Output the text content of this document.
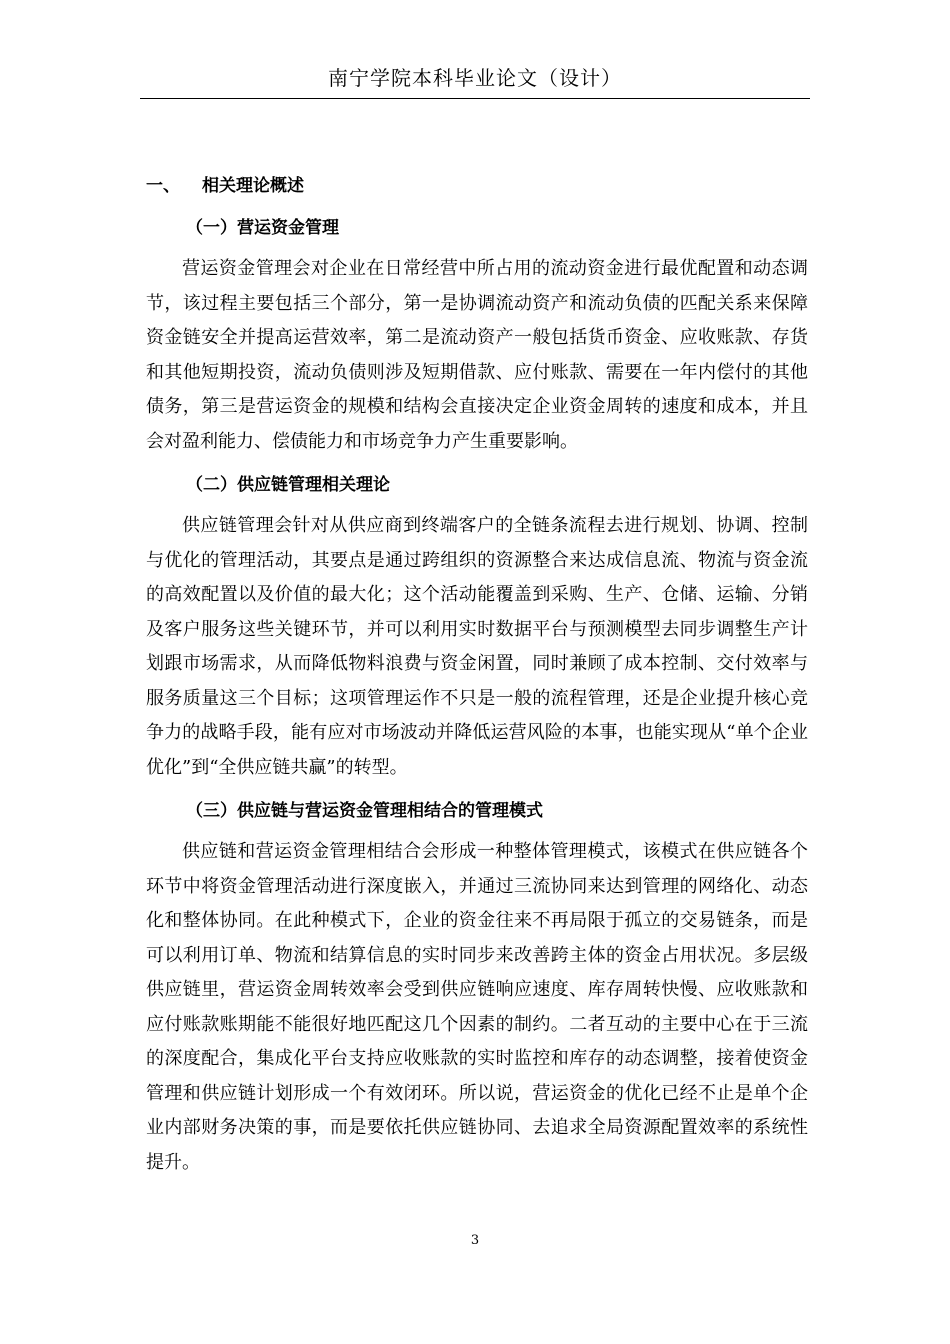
南宁学院本科毕业论文（设计）
一、 相关理论概述
（一）营运资金管理

营运资金管理会对企业在日常经营中所占用的流动资金进行最优配置和动态调节，该过程主要包括三个部分，第一是协调流动资产和流动负债的匹配关系来保障资金链安全并提高运营效率，第二是流动资产一般包括货币资金、应收账款、存货和其他短期投资，流动负债则涉及短期借款、应付账款、需要在一年内偿付的其他债务，第三是营运资金的规模和结构会直接决定企业资金周转的速度和成本，并且会对盈利能力、偿债能力和市场竞争力产生重要影响。

（二）供应链管理相关理论

供应链管理会针对从供应商到终端客户的全链条流程去进行规划、协调、控制与优化的管理活动，其要点是通过跨组织的资源整合来达成信息流、物流与资金流的高效配置以及价值的最大化；这个活动能覆盖到采购、生产、仓储、运输、分销及客户服务这些关键环节，并可以利用实时数据平台与预测模型去同步调整生产计划跟市场需求，从而降低物料浪费与资金闲置，同时兼顾了成本控制、交付效率与服务质量这三个目标；这项管理运作不只是一般的流程管理，还是企业提升核心竞争力的战略手段，能有应对市场波动并降低运营风险的本事，也能实现从“单个企业优化”到“全供应链共赢”的转型。

（三）供应链与营运资金管理相结合的管理模式

供应链和营运资金管理相结合会形成一种整体管理模式，该模式在供应链各个环节中将资金管理活动进行深度嵌入，并通过三流协同来达到管理的网络化、动态化和整体协同。在此种模式下，企业的资金往来不再局限于孤立的交易链条，而是可以利用订单、物流和结算信息的实时同步来改善跨主体的资金占用状况。多层级供应链里，营运资金周转效率会受到供应链响应速度、库存周转快慢、应收账款和应付账款账期能不能很好地匹配这几个因素的制约。二者互动的主要中心在于三流的深度配合，集成化平台支持应收账款的实时监控和库存的动态调整，接着使资金管理和供应链计划形成一个有效闭环。所以说，营运资金的优化已经不止是单个企业内部财务决策的事，而是要依托供应链协同、去追求全局资源配置效率的系统性提升。

3
